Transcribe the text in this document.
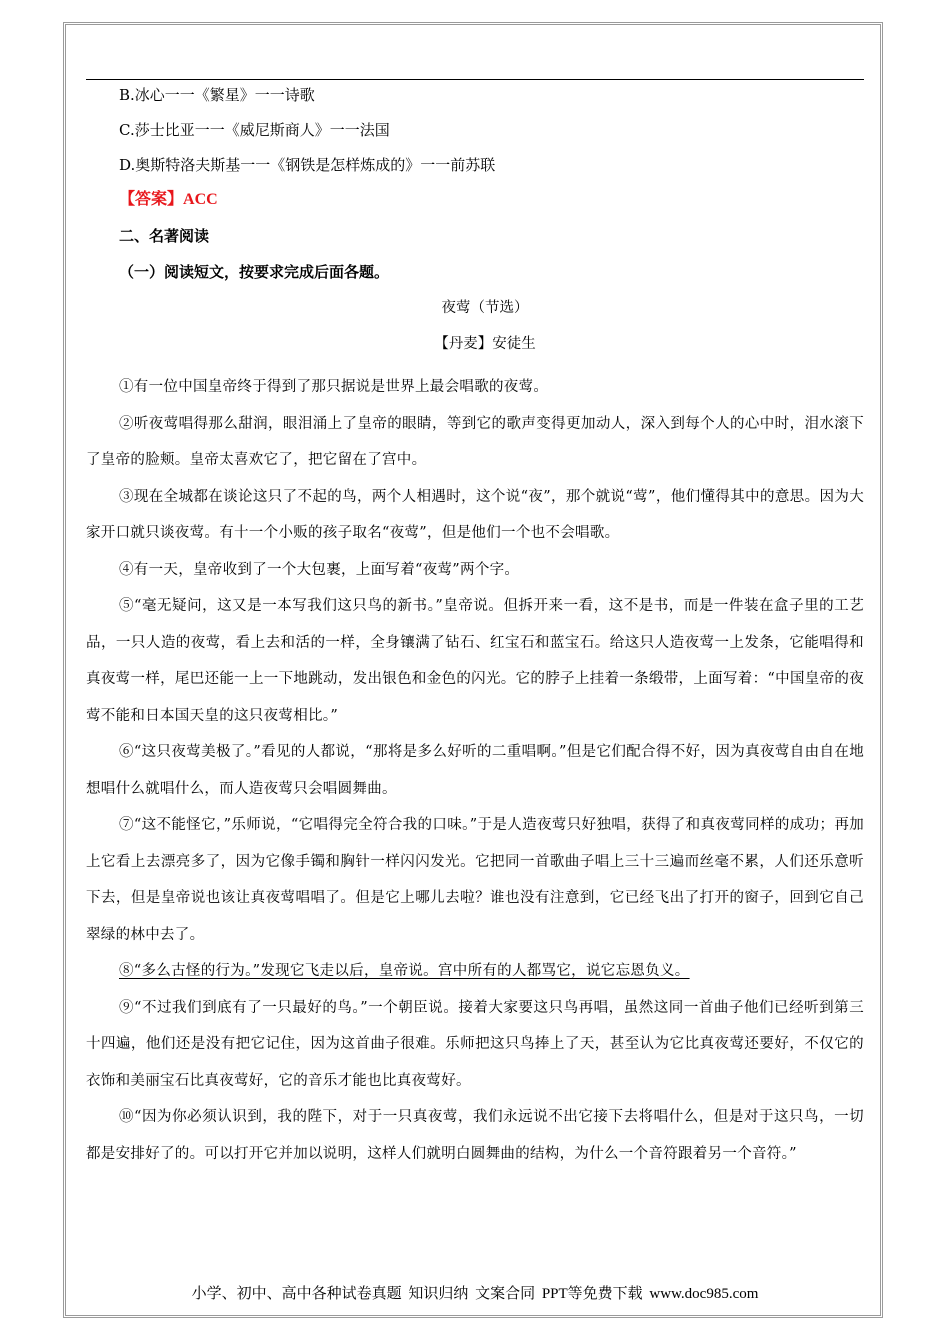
B.冰心一一《繁星》一一诗歌
C.莎士比亚一一《威尼斯商人》一一法国
D.奥斯特洛夫斯基一一《钢铁是怎样炼成的》一一前苏联
【答案】ACC
二、名著阅读
（一）阅读短文，按要求完成后面各题。
夜莺（节选）
【丹麦】安徒生

①有一位中国皇帝终于得到了那只据说是世界上最会唱歌的夜莺。

②听夜莺唱得那么甜润，眼泪涌上了皇帝的眼睛，等到它的歌声变得更加动人，深入到每个人的心中时，泪水滚下了皇帝的脸颊。皇帝太喜欢它了，把它留在了宫中。

③现在全城都在谈论这只了不起的鸟，两个人相遇时，这个说“夜”，那个就说“莺”，他们懂得其中的意思。因为大家开口就只谈夜莺。有十一个小贩的孩子取名“夜莺”，但是他们一个也不会唱歌。

④有一天，皇帝收到了一个大包裹，上面写着“夜莺”两个字。

⑤“毫无疑问，这又是一本写我们这只鸟的新书。”皇帝说。但拆开来一看，这不是书，而是一件装在盒子里的工艺品，一只人造的夜莺，看上去和活的一样，全身镶满了钻石、红宝石和蓝宝石。给这只人造夜莺一上发条，它能唱得和真夜莺一样，尾巴还能一上一下地跳动，发出银色和金色的闪光。它的脖子上挂着一条缎带，上面写着：“中国皇帝的夜莺不能和日本国天皇的这只夜莺相比。”

⑥“这只夜莺美极了。”看见的人都说，“那将是多么好听的二重唱啊。”但是它们配合得不好，因为真夜莺自由自在地想唱什么就唱什么，而人造夜莺只会唱圆舞曲。

⑦“这不能怪它，”乐师说，“它唱得完全符合我的口味。”于是人造夜莺只好独唱，获得了和真夜莺同样的成功；再加上它看上去漂亮多了，因为它像手镯和胸针一样闪闪发光。它把同一首歌曲子唱上三十三遍而丝毫不累，人们还乐意听下去，但是皇帝说也该让真夜莺唱唱了。但是它上哪儿去啦？谁也没有注意到，它已经飞出了打开的窗子，回到它自己翠绿的林中去了。

⑧“多么古怪的行为。”发现它飞走以后，皇帝说。宫中所有的人都骂它，说它忘恩负义。

⑨“不过我们到底有了一只最好的鸟。”一个朝臣说。接着大家要这只鸟再唱，虽然这同一首曲子他们已经听到第三十四遍，他们还是没有把它记住，因为这首曲子很难。乐师把这只鸟捧上了天，甚至认为它比真夜莺还要好，不仅它的衣饰和美丽宝石比真夜莺好，它的音乐才能也比真夜莺好。

⑩“因为你必须认识到，我的陛下，对于一只真夜莺，我们永远说不出它接下去将唱什么，但是对于这只鸟，一切都是安排好了的。可以打开它并加以说明，这样人们就明白圆舞曲的结构，为什么一个音符跟着另一个音符。”

小学、初中、高中各种试卷真题 知识归纳 文案合同 PPT等免费下载 www.doc985.com
